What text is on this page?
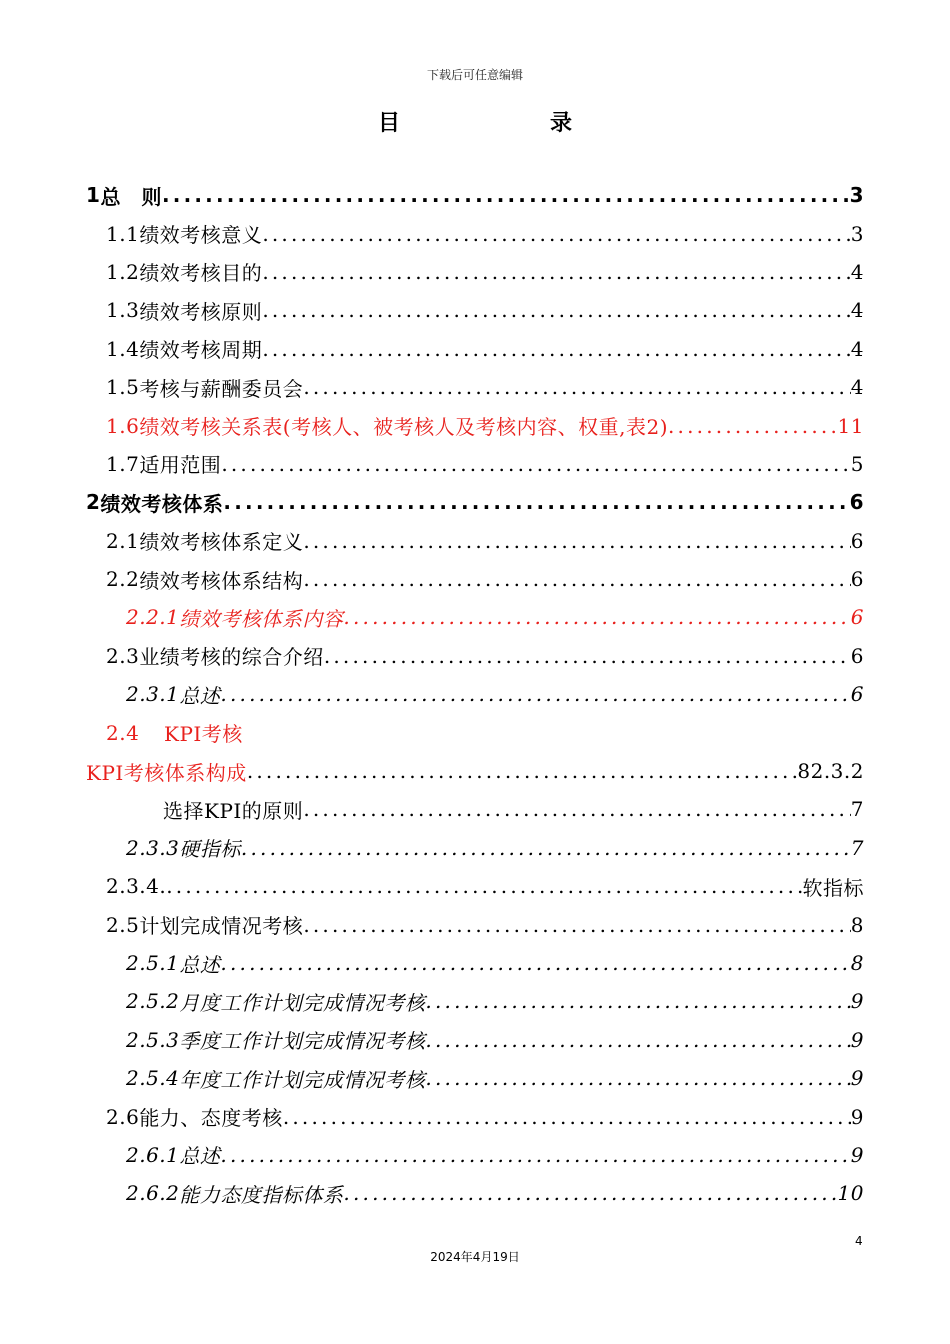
下载后可任意编辑
目	录
1 总　则 .....	3
1.1 绩效考核意义 .....	3
1.2 绩效考核目的 .....	4
1.3 绩效考核原则 .....	4
1.4 绩效考核周期 .....	4
1.5 考核与薪酬委员会 .....	4
1.6 绩效考核关系表(考核人、被考核人及考核内容、权重,表2) .....	11
1.7 适用范围 .....	5
2 绩效考核体系 .....	6
2.1 绩效考核体系定义 .....	6
2.2 绩效考核体系结构 .....	6
2.2.1 绩效考核体系内容 .....	6
2.3 业绩考核的综合介绍 .....	6
2.3.1 总述 .....	6
2.4	KPI考核
KPI考核体系构成 .....	82.3.2
选择KPI的原则 .....	7
2.3.3 硬指标 .....	7
2.3.4. .....	软指标
2.5 计划完成情况考核 .....	8
2.5.1 总述 .....	8
2.5.2 月度工作计划完成情况考核 .....	9
2.5.3 季度工作计划完成情况考核 .....	9
2.5.4 年度工作计划完成情况考核 .....	9
2.6 能力、态度考核 .....	9
2.6.1 总述 .....	9
2.6.2 能力态度指标体系 .....	10
4
2024年4月19日
